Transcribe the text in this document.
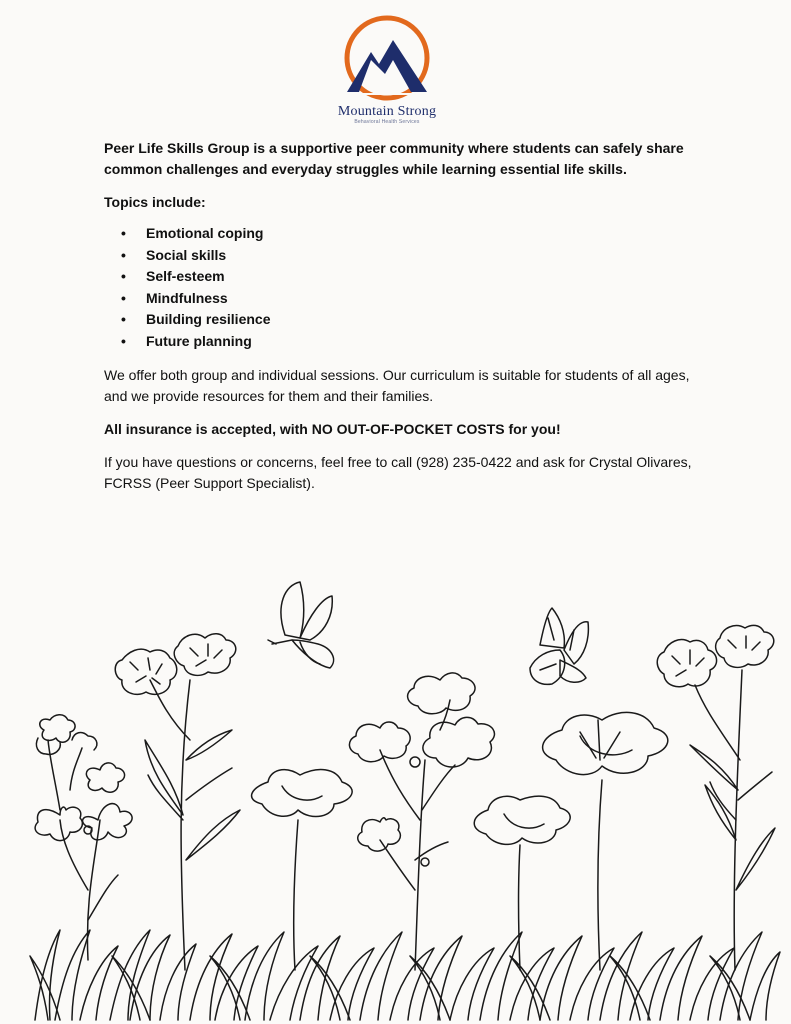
Mountain Strong
Behavioral Health Services

Peer Life Skills Group is a supportive peer community where students can safely share common challenges and everyday struggles while learning essential life skills.

Topics include:

• Emotional coping
• Social skills
• Self-esteem
• Mindfulness
• Building resilience
• Future planning

We offer both group and individual sessions. Our curriculum is suitable for students of all ages, and we provide resources for them and their families.

All insurance is accepted, with NO OUT-OF-POCKET COSTS for you!

If you have questions or concerns, feel free to call (928) 235-0422 and ask for Crystal Olivares, FCRSS (Peer Support Specialist).
